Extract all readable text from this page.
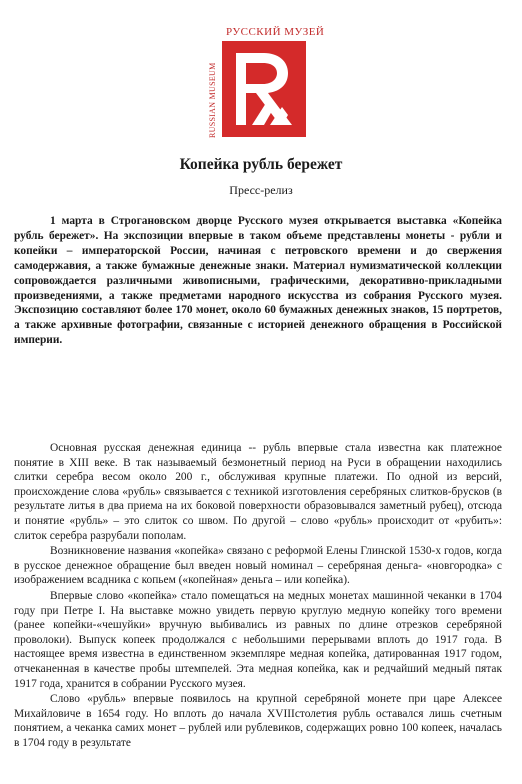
РУССКИЙ МУЗЕЙ
RUSSIAN MUSEUM
Копейка рубль бережет
Пресс-релиз

1 марта в Строгановском дворце Русского музея открывается выставка «Копейка рубль бережет». На экспозиции впервые в таком объеме представлены монеты - рубли и копейки – императорской России, начиная с петровского времени и до свержения самодержавия, а также бумажные денежные знаки. Материал нумизматической коллекции сопровождается различными живописными, графическими, декоративно-прикладными произведениями, а также предметами народного искусства из собрания Русского музея. Экспозицию составляют более 170 монет, около 60 бумажных денежных знаков, 15 портретов, а также архивные фотографии, связанные с историей денежного обращения в Российской империи.

Основная русская денежная единица -- рубль впервые стала известна как платежное понятие в XIII веке. В так называемый безмонетный период на Руси в обращении находились слитки серебра весом около 200 г., обслуживая крупные платежи. По одной из версий, происхождение слова «рубль» связывается с техникой изготовления серебряных слитков-брусков (в результате литья в два приема на их боковой поверхности образовывался заметный рубец), отсюда и понятие «рубль» – это слиток со швом. По другой – слово «рубль» происходит от «рубить»: слиток серебра разрубали пополам.

Возникновение названия «копейка» связано с реформой Елены Глинской 1530-х годов, когда в русское денежное обращение был введен новый номинал – серебряная деньга- «новгородка» с изображением всадника с копьем («копейная» деньга – или копейка).

Впервые слово «копейка» стало помещаться на медных монетах машинной чеканки в 1704 году при Петре I. На выставке можно увидеть первую круглую медную копейку того времени (ранее копейки-«чешуйки» вручную выбивались из равных по длине отрезков серебряной проволоки). Выпуск копеек продолжался с небольшими перерывами вплоть до 1917 года. В настоящее время известна в единственном экземпляре медная копейка, датированная 1917 годом, отчеканенная в качестве пробы штемпелей. Эта медная копейка, как и редчайший медный пятак 1917 года, хранится в собрании Русского музея.

Слово «рубль» впервые появилось на крупной серебряной монете при царе Алексее Михайловиче в 1654 году. Но вплоть до начала XVIIIстолетия рубль оставался лишь счетным понятием, а чеканка самих монет – рублей или рублевиков, содержащих ровно 100 копеек, началась в 1704 году в результате
